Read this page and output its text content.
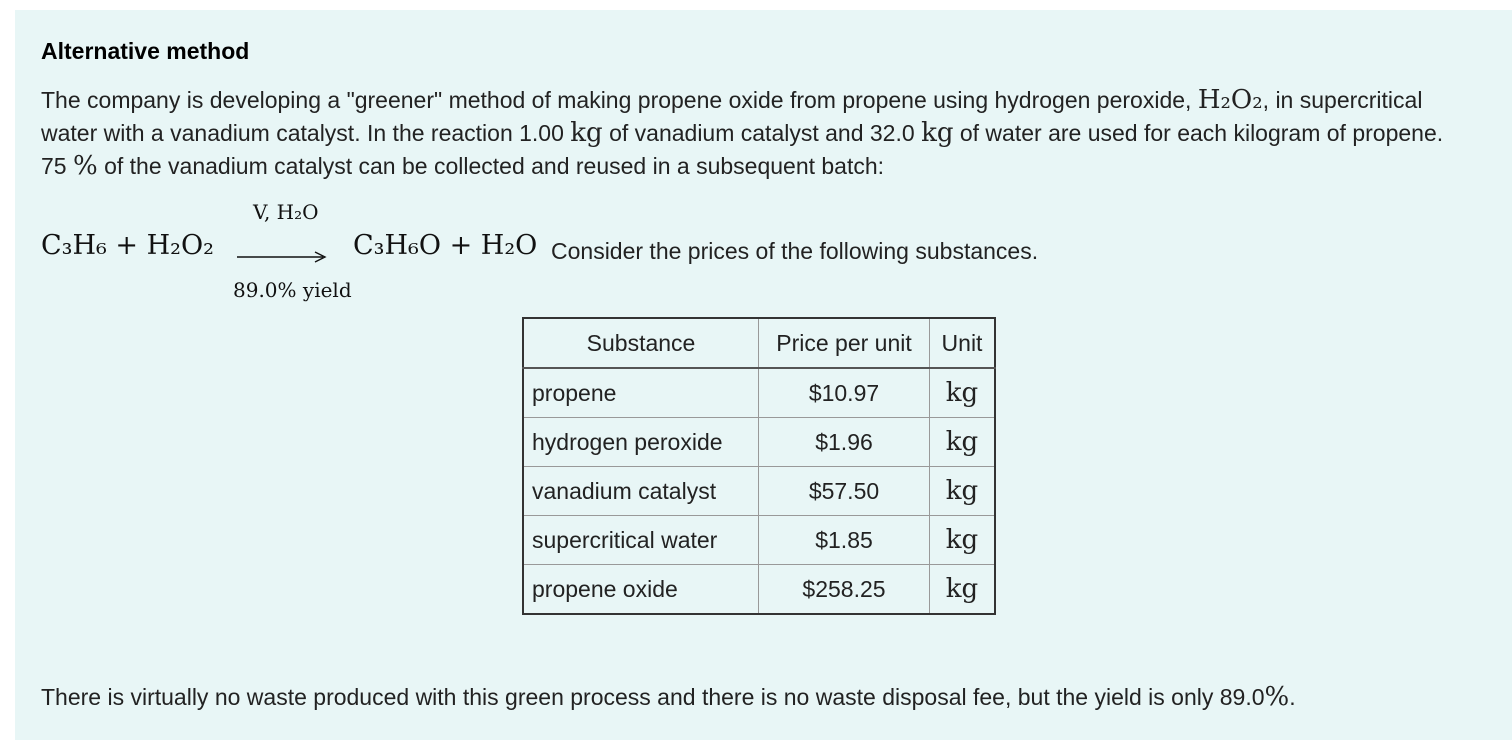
Alternative method

The company is developing a "greener" method of making propene oxide from propene using hydrogen peroxide, H₂O₂, in supercritical water with a vanadium catalyst. In the reaction 1.00 kg of vanadium catalyst and 32.0 kg of water are used for each kilogram of propene. 75 % of the vanadium catalyst can be collected and reused in a subsequent batch:

C₃H₆ + H₂O₂
V, H₂O
89.0% yield
C₃H₆O + H₂O Consider the prices of the following substances.
Substance	Price per unit	Unit
propene	$10.97	kg
hydrogen peroxide	$1.96	kg
vanadium catalyst	$57.50	kg
supercritical water	$1.85	kg
propene oxide	$258.25	kg

There is virtually no waste produced with this green process and there is no waste disposal fee, but the yield is only 89.0%.
